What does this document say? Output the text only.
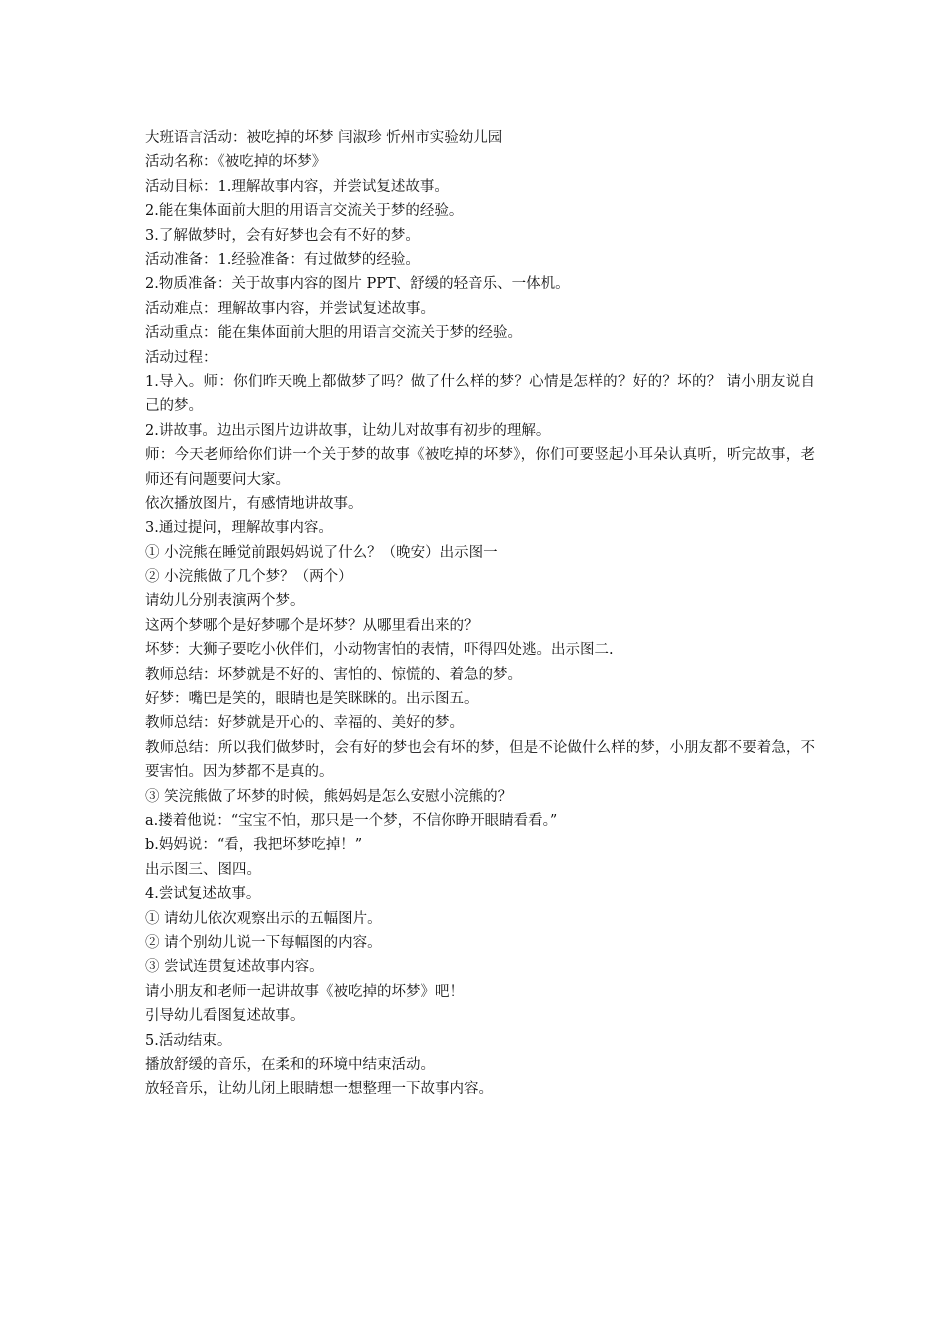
大班语言活动：被吃掉的坏梦 闫淑珍 忻州市实验幼儿园
活动名称：《被吃掉的坏梦》
活动目标：1.理解故事内容，并尝试复述故事。
2.能在集体面前大胆的用语言交流关于梦的经验。
3.了解做梦时，会有好梦也会有不好的梦。
活动准备：1.经验准备：有过做梦的经验。
2.物质准备：关于故事内容的图片 PPT、舒缓的轻音乐、一体机。
活动难点：理解故事内容，并尝试复述故事。
活动重点：能在集体面前大胆的用语言交流关于梦的经验。
活动过程：
1.导入。师：你们昨天晚上都做梦了吗？做了什么样的梦？心情是怎样的？好的？坏的？ 请小朋友说自己的梦。
2.讲故事。边出示图片边讲故事，让幼儿对故事有初步的理解。
师：今天老师给你们讲一个关于梦的故事《被吃掉的坏梦》，你们可要竖起小耳朵认真听，听完故事，老师还有问题要问大家。
依次播放图片，有感情地讲故事。
3.通过提问，理解故事内容。
① 小浣熊在睡觉前跟妈妈说了什么？（晚安）出示图一
② 小浣熊做了几个梦？（两个）
请幼儿分别表演两个梦。
这两个梦哪个是好梦哪个是坏梦？从哪里看出来的？
坏梦：大狮子要吃小伙伴们，小动物害怕的表情，吓得四处逃。出示图二.
教师总结：坏梦就是不好的、害怕的、惊慌的、着急的梦。
好梦：嘴巴是笑的，眼睛也是笑眯眯的。出示图五。
教师总结：好梦就是开心的、幸福的、美好的梦。
教师总结：所以我们做梦时，会有好的梦也会有坏的梦，但是不论做什么样的梦，小朋友都不要着急，不要害怕。因为梦都不是真的。
③ 笑浣熊做了坏梦的时候，熊妈妈是怎么安慰小浣熊的？
a.搂着他说：“宝宝不怕，那只是一个梦，不信你睁开眼睛看看。”
b.妈妈说：“看，我把坏梦吃掉！”
出示图三、图四。
4.尝试复述故事。
① 请幼儿依次观察出示的五幅图片。
② 请个别幼儿说一下每幅图的内容。
③ 尝试连贯复述故事内容。
请小朋友和老师一起讲故事《被吃掉的坏梦》吧！
引导幼儿看图复述故事。
5.活动结束。
播放舒缓的音乐，在柔和的环境中结束活动。
放轻音乐，让幼儿闭上眼睛想一想整理一下故事内容。
